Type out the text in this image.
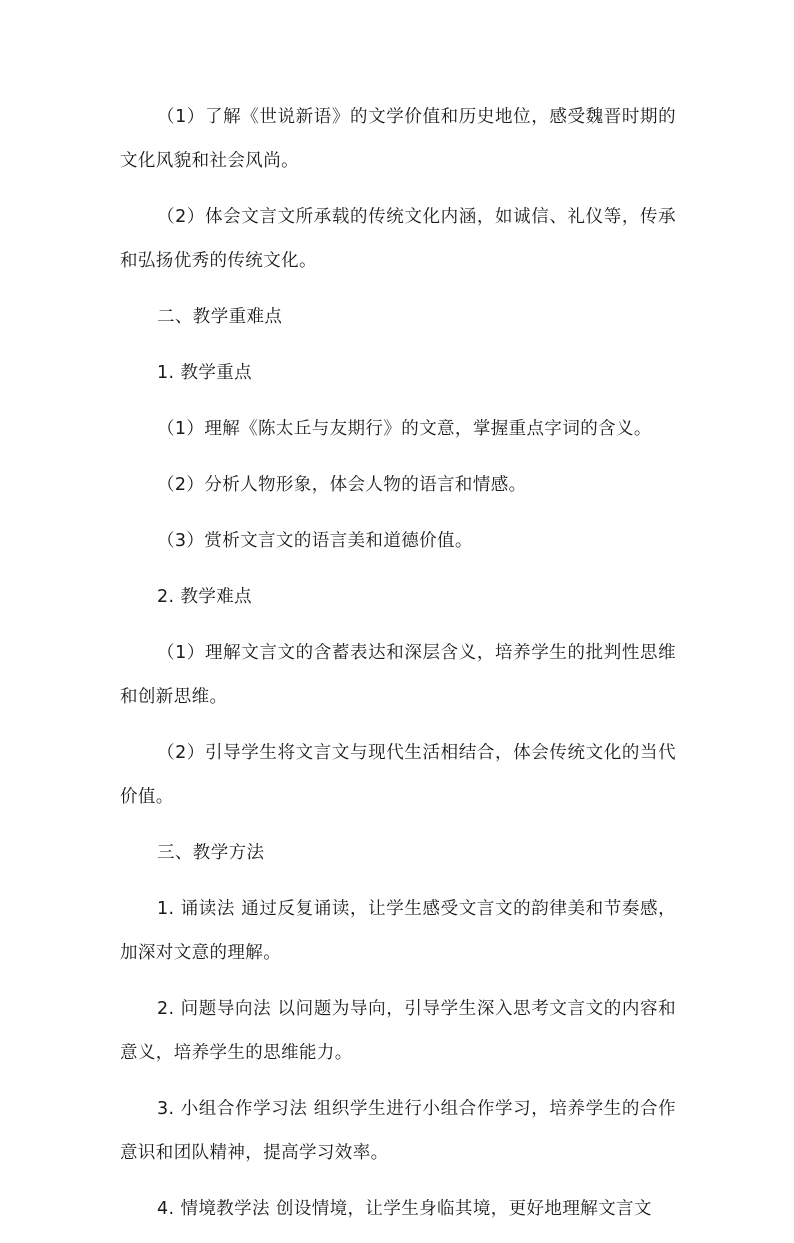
（1）了解《世说新语》的文学价值和历史地位，感受魏晋时期的文化风貌和社会风尚。

（2）体会文言文所承载的传统文化内涵，如诚信、礼仪等，传承和弘扬优秀的传统文化。

二、教学重难点

1. 教学重点

（1）理解《陈太丘与友期行》的文意，掌握重点字词的含义。

（2）分析人物形象，体会人物的语言和情感。

（3）赏析文言文的语言美和道德价值。

2. 教学难点

（1）理解文言文的含蓄表达和深层含义，培养学生的批判性思维和创新思维。

（2）引导学生将文言文与现代生活相结合，体会传统文化的当代价值。

三、教学方法

1. 诵读法 通过反复诵读，让学生感受文言文的韵律美和节奏感，加深对文意的理解。

2. 问题导向法 以问题为导向，引导学生深入思考文言文的内容和意义，培养学生的思维能力。

3. 小组合作学习法 组织学生进行小组合作学习，培养学生的合作意识和团队精神，提高学习效率。

4. 情境教学法 创设情境，让学生身临其境，更好地理解文言文
